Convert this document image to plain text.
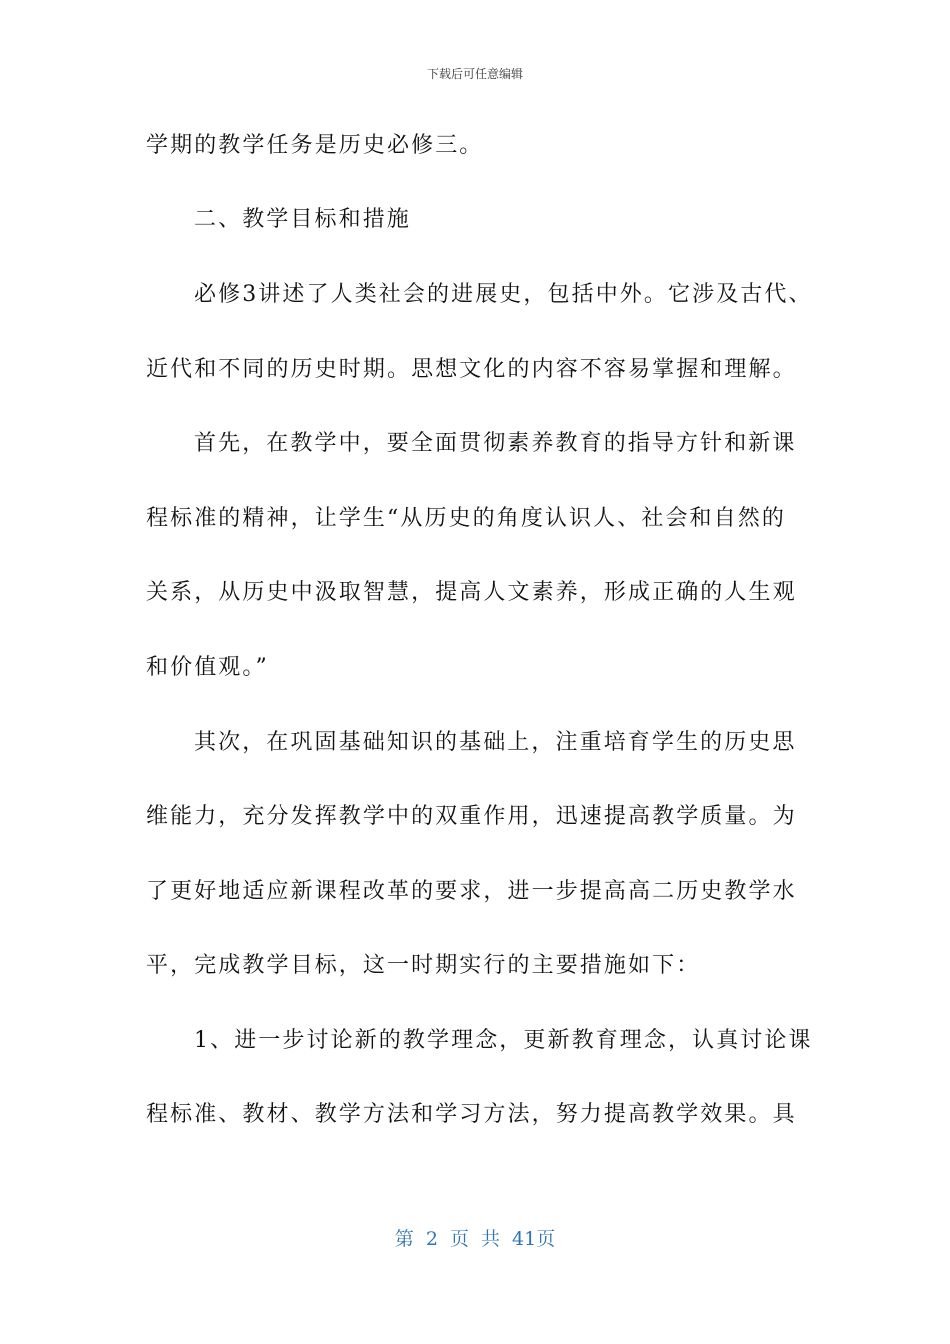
下载后可任意编辑
学期的教学任务是历史必修三。
二、教学目标和措施
必修3讲述了人类社会的进展史，包括中外。它涉及古代、
近代和不同的历史时期。思想文化的内容不容易掌握和理解。
首先，在教学中，要全面贯彻素养教育的指导方针和新课
程标准的精神，让学生“从历史的角度认识人、社会和自然的
关系，从历史中汲取智慧，提高人文素养，形成正确的人生观
和价值观。”
其次，在巩固基础知识的基础上，注重培育学生的历史思
维能力，充分发挥教学中的双重作用，迅速提高教学质量。为
了更好地适应新课程改革的要求，进一步提高高二历史教学水
平，完成教学目标，这一时期实行的主要措施如下：
1、进一步讨论新的教学理念，更新教育理念，认真讨论课
程标准、教材、教学方法和学习方法，努力提高教学效果。具
第 2 页 共 41页
